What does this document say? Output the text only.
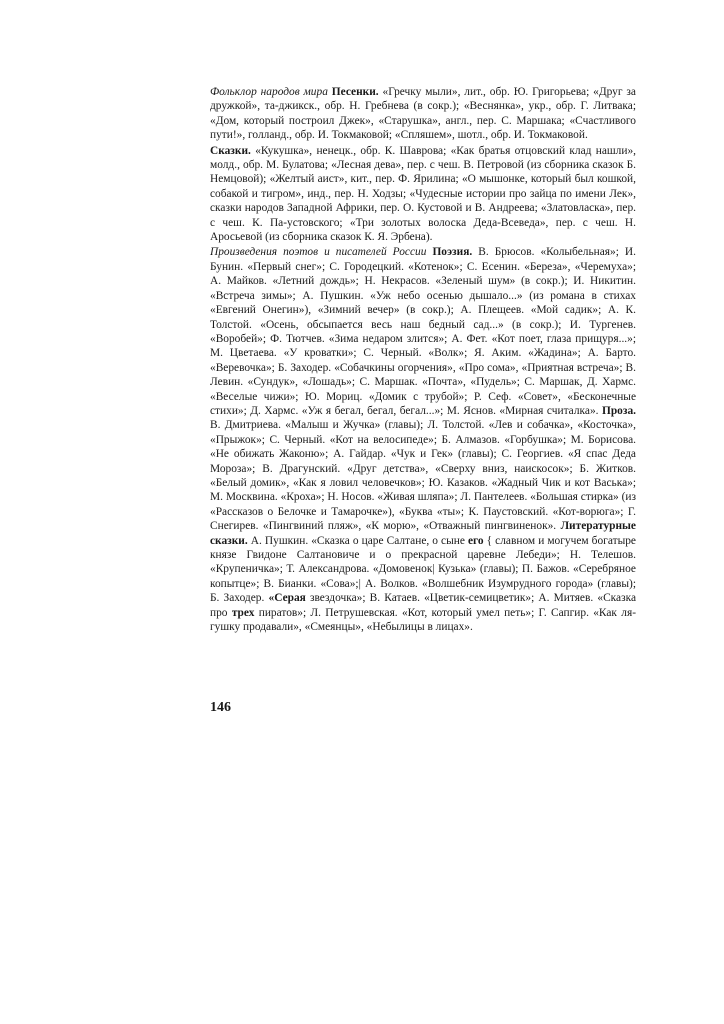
Фольклор народов мира Песенки. «Гречку мыли», лит., обр. Ю. Григорьева; «Друг за дружкой», та-джикск., обр. Н. Гребнева (в сокр.); «Веснянка», укр., обр. Г. Литвака; «Дом, который построил Джек», «Старушка», англ., пер. С. Маршака; «Счастливого пути!», голланд., обр. И. Токмаковой; «Спляшем», шотл., обр. И. Токмаковой.

Сказки. «Кукушка», ненецк., обр. К. Шаврова; «Как братья отцовский клад нашли», молд., обр. М. Булатова; «Лесная дева», пер. с чеш. В. Петровой (из сборника сказок Б. Немцовой); «Желтый аист», кит., пер. Ф. Ярилина; «О мышонке, который был кошкой, собакой и тигром», инд., пер. Н. Ходзы; «Чудесные истории про зайца по имени Лек», сказки народов Западной Африки, пер. О. Кустовой и В. Андреева; «Златовласка», пер. с чеш. К. Па-устовского; «Три золотых волоска Деда-Всеведа», пер. с чеш. Н. Аросьевой (из сборника сказок К. Я. Эрбена).

Произведения поэтов и писателей России Поэзия. В. Брюсов. «Колыбельная»; И. Бунин. «Первый снег»; С. Городецкий. «Котенок»; С. Есенин. «Береза», «Черемуха»; А. Майков. «Летний дождь»; Н. Некрасов. «Зеленый шум» (в сокр.); И. Никитин. «Встреча зимы»; А. Пушкин. «Уж небо осенью дышало...» (из романа в стихах «Евгений Онегин»), «Зимний вечер» (в сокр.); А. Плещеев. «Мой садик»; А. К. Толстой. «Осень, обсыпается весь наш бедный сад...» (в сокр.); И. Тургенев. «Воробей»; Ф. Тютчев. «Зима недаром злится»; А. Фет. «Кот поет, глаза прищуря...»; М. Цветаева. «У кроватки»; С. Черный. «Волк»; Я. Аким. «Жадина»; А. Барто. «Веревочка»; Б. Заходер. «Собачкины огорчения», «Про сома», «Приятная встреча»; В. Левин. «Сундук», «Лошадь»; С. Маршак. «Почта», «Пудель»; С. Маршак, Д. Хармс. «Веселые чижи»; Ю. Мориц. «Домик с трубой»; Р. Сеф. «Совет», «Бесконечные стихи»; Д. Хармс. «Уж я бегал, бегал, бегал...»; М. Яснов. «Мирная считалка». Проза. В. Дмитриева. «Малыш и Жучка» (главы); Л. Толстой. «Лев и собачка», «Косточка», «Прыжок»; С. Черный. «Кот на велосипеде»; Б. Алмазов. «Горбушка»; М. Борисова. «Не обижать Жаконю»; А. Гайдар. «Чук и Гек» (главы); С. Георгиев. «Я спас Деда Мороза»; В. Драгунский. «Друг детства», «Сверху вниз, наискосок»; Б. Житков. «Белый домик», «Как я ловил человечков»; Ю. Казаков. «Жадный Чик и кот Васька»; М. Москвина. «Кроха»; Н. Носов. «Живая шляпа»; Л. Пантелеев. «Большая стирка» (из «Рассказов о Белочке и Тамарочке»), «Буква «ты»; К. Паустовский. «Кот-ворюга»; Г. Снегирев. «Пингвиний пляж», «К морю», «Отважный пингвиненок». Литературные сказки. А. Пушкин. «Сказка о царе Салтане, о сыне его { славном и могучем богатыре князе Гвидоне Салтановиче и о прекрасной царевне Лебеди»; Н. Телешов. «Крупеничка»; Т. Александрова. «Домовенок| Кузька» (главы); П. Бажов. «Серебряное копытце»; В. Бианки. «Сова»;| А. Волков. «Волшебник Изумрудного города» (главы); Б. Заходер. «Серая звездочка»; В. Катаев. «Цветик-семицветик»; А. Митяев. «Сказка про трех пиратов»; Л. Петрушевская. «Кот, который умел петь»; Г. Сапгир. «Как ля-гушку продавали», «Смеянцы», «Небылицы в лицах».

146
